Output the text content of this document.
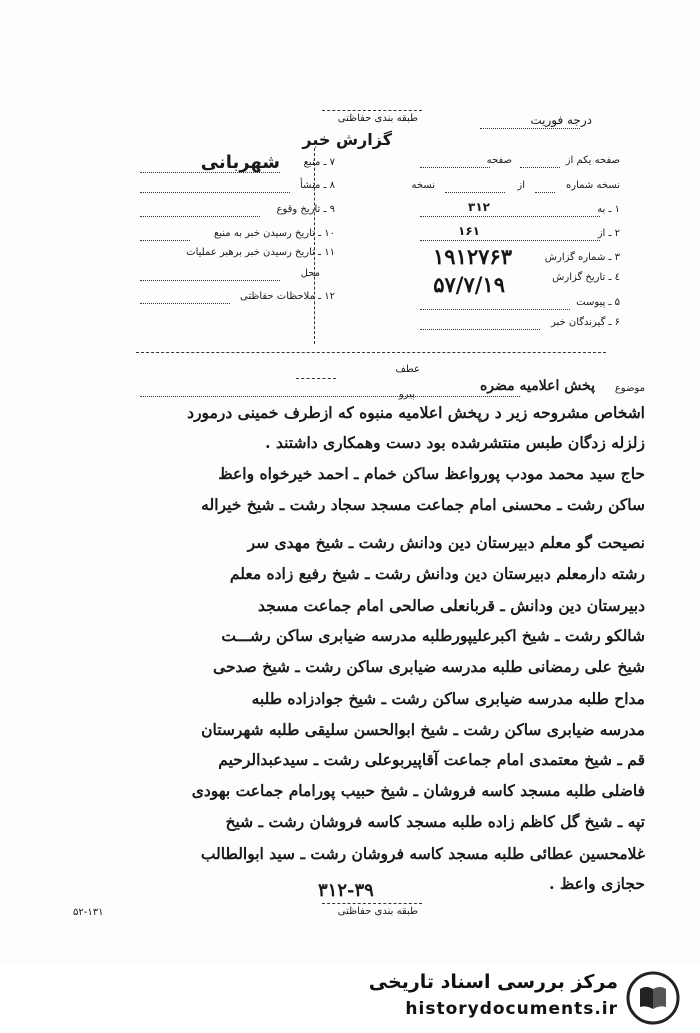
درجه فوریت
طبقه بندی حفاظتی
گزارش خبر
صفحه یکم از
صفحه
نسخه شماره
از
نسخه
۱ ـ به
۳۱۲
۲ ـ از
۱۶۱
۳ ـ شماره گزارش
۱۹۱۲۷۶۳
٤ ـ تاریخ گزارش
۵۷/۷/۱۹
۵ ـ پیوست
۶ ـ گیرندگان خبر
۷ ـ منبع
شهربانی
۸ ـ منشأ
۹ ـ تاریخ وقوع
۱۰ ـ تاریخ رسیدن خبر به منبع
۱۱ ـ تاریخ رسیدن خبر برهبر عملیات
محل
۱۲ ـ ملاحظات حفاظتی
عطف
پیرو
موضوع
پخش اعلامیه مضره
اشخاص مشروحه زیر د رپخش اعلامیه منبوه که ازطرف خمینی درمورد
زلزله زدگان طبس منتشرشده بود دست وهمکاری داشتند .
حاج سید محمد مودب پورواعظ ساکن خمام ـ احمد خیرخواه واعظ
ساکن رشت ـ محسنی امام جماعت مسجد سجاد رشت ـ شیخ خیراله
نصیحت گو معلم دبیرستان دین ودانش رشت ـ شیخ مهدی سر
رشته دارمعلم دبیرستان دین ودانش رشت ـ شیخ رفیع زاده معلم
دبیرستان دین ودانش ـ قربانعلی صالحی امام جماعت مسجد
شالکو رشت ـ شیخ اکبرعلیپورطلبه مدرسه ضیابری ساکن رشـــت
شیخ علی رمضانی طلبه مدرسه ضیابری ساکن رشت ـ شیخ صدحی
مداح طلبه مدرسه ضیابری ساکن رشت ـ شیخ جوادزاده طلبه
مدرسه ضیابری ساکن رشت ـ شیخ ابوالحسن سلیقی طلبه شهرستان
قم ـ شیخ معتمدی امام جماعت آقاپیربوعلی رشت ـ سیدعبدالرحیم
فاضلی طلبه مسجد کاسه فروشان ـ شیخ حبیب پورامام جماعت بهودی
تپه ـ شیخ گل کاظم زاده طلبه مسجد کاسه فروشان رشت ـ شیخ
غلامحسین عطائی طلبه مسجد کاسه فروشان رشت ـ سید ابوالطالب
حجازی واعظ .
۳۱۲-۳۹
طبقه بندی حفاظتی
۵۲-۱۳۱
مرکز بررسی اسناد تاریخی
historydocuments.ir
